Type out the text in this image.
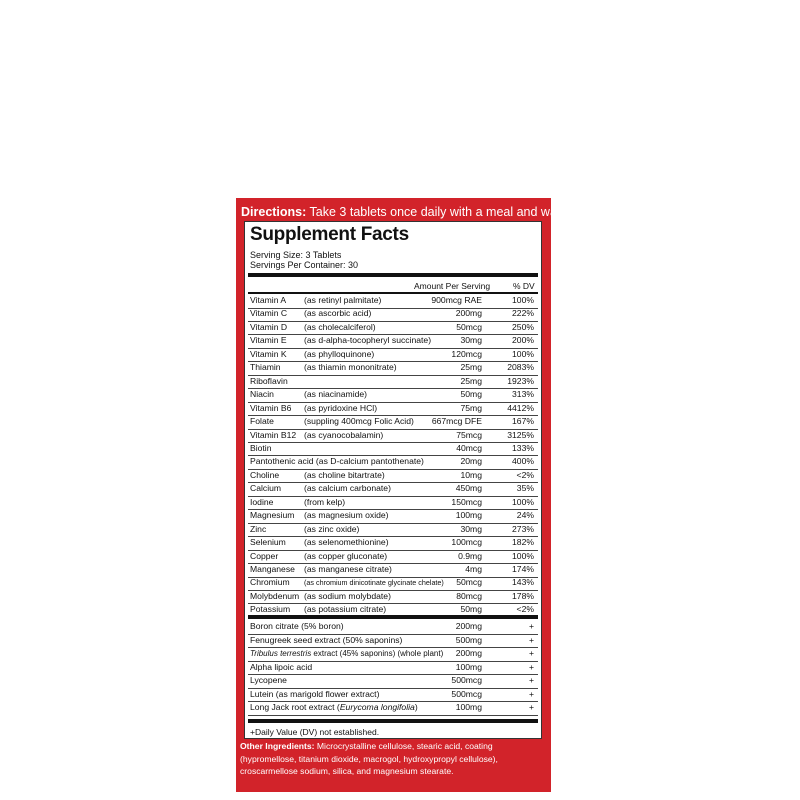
Directions: Take 3 tablets once daily with a meal and water.
Supplement Facts
Serving Size: 3 Tablets
Servings Per Container: 30
Amount Per Serving	% DV
Vitamin A (as retinyl palmitate)	900mcg RAE	100%
Vitamin C (as ascorbic acid)	200mg	222%
Vitamin D (as cholecalciferol)	50mcg	250%
Vitamin E (as d-alpha-tocopheryl succinate)	30mg	200%
Vitamin K (as phylloquinone)	120mcg	100%
Thiamin	(as thiamin mononitrate)	25mg	2083%
Riboflavin	25mg	1923%
Niacin	(as niacinamide)	50mg	313%
Vitamin B6 (as pyridoxine HCl)	75mg	4412%
Folate	(suppling 400mcg Folic Acid) 667mcg DFE	167%
Vitamin B12 (as cyanocobalamin)	75mcg	3125%
Biotin	40mcg	133%
Pantothenic acid (as D-calcium pantothenate)	20mg	400%
Choline	(as choline bitartrate)	10mg	<2%
Calcium	(as calcium carbonate)	450mg	35%
Iodine	(from kelp)	150mcg	100%
Magnesium (as magnesium oxide)	100mg	24%
Zinc	(as zinc oxide)	30mg	273%
Selenium (as selenomethionine)	100mcg	182%
Copper	(as copper gluconate)	0.9mg	100%
Manganese (as manganese citrate)	4mg	174%
Chromium (as chromium dinicotinate glycinate chelate) 50mcg	143%
Molybdenum (as sodium molybdate)	80mcg	178%
Potassium (as potassium citrate)	50mg	<2%
Boron citrate (5% boron)	200mg	+
Fenugreek seed extract (50% saponins)	500mg	+
Tribulus terrestris extract (45% saponins) (whole plant) 200mg	+
Alpha lipoic acid	100mg	+
Lycopene	500mcg	+
Lutein (as marigold flower extract)	500mcg	+
Long Jack root extract (Eurycoma longifolia)	100mg	+
+Daily Value (DV) not established.
Other Ingredients: Microcrystalline cellulose, stearic acid, coating (hypromellose, titanium dioxide, macrogol, hydroxypropyl cellulose), croscarmellose sodium, silica, and magnesium stearate.
